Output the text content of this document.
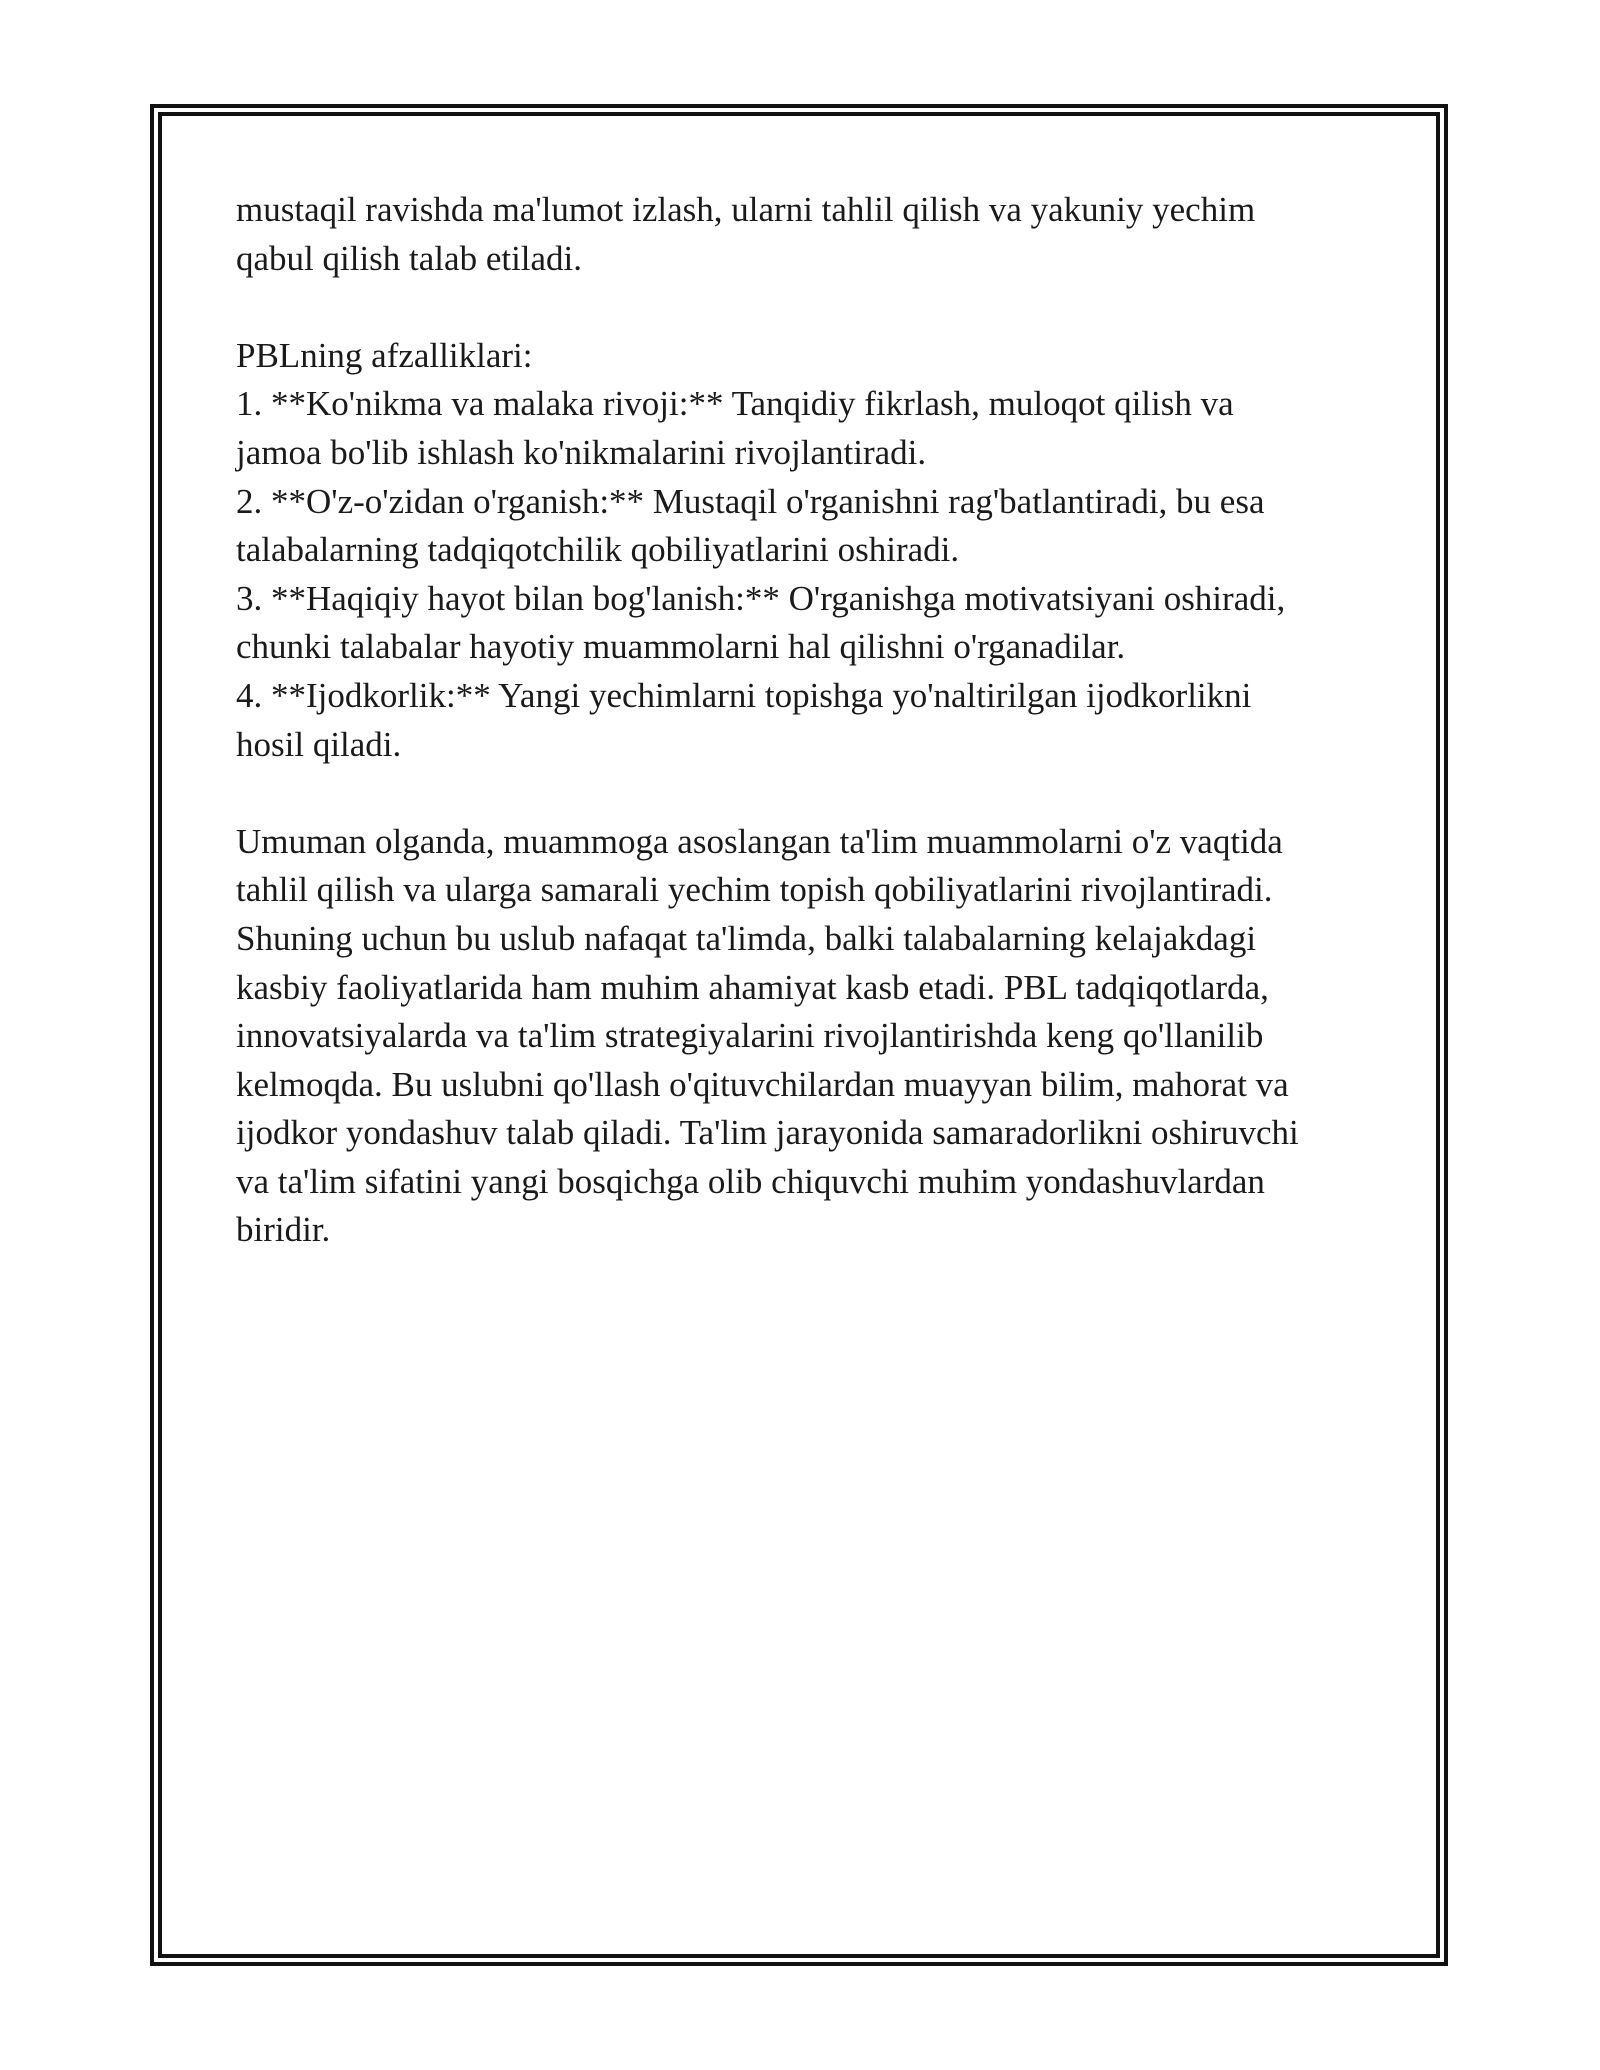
mustaqil ravishda ma'lumot izlash, ularni tahlil qilish va yakuniy yechim
qabul qilish talab etiladi.
PBLning afzalliklari:
1. **Ko'nikma va malaka rivoji:** Tanqidiy fikrlash, muloqot qilish va
jamoa bo'lib ishlash ko'nikmalarini rivojlantiradi.
2. **O'z-o'zidan o'rganish:** Mustaqil o'rganishni rag'batlantiradi, bu esa
talabalarning tadqiqotchilik qobiliyatlarini oshiradi.
3. **Haqiqiy hayot bilan bog'lanish:** O'rganishga motivatsiyani oshiradi,
chunki talabalar hayotiy muammolarni hal qilishni o'rganadilar.
4. **Ijodkorlik:** Yangi yechimlarni topishga yo'naltirilgan ijodkorlikni
hosil qiladi.
Umuman olganda, muammoga asoslangan ta'lim muammolarni o'z vaqtida
tahlil qilish va ularga samarali yechim topish qobiliyatlarini rivojlantiradi.
Shuning uchun bu uslub nafaqat ta'limda, balki talabalarning kelajakdagi
kasbiy faoliyatlarida ham muhim ahamiyat kasb etadi. PBL tadqiqotlarda,
innovatsiyalarda va ta'lim strategiyalarini rivojlantirishda keng qo'llanilib
kelmoqda. Bu uslubni qo'llash o'qituvchilardan muayyan bilim, mahorat va
ijodkor yondashuv talab qiladi. Ta'lim jarayonida samaradorlikni oshiruvchi
va ta'lim sifatini yangi bosqichga olib chiquvchi muhim yondashuvlardan
biridir.
